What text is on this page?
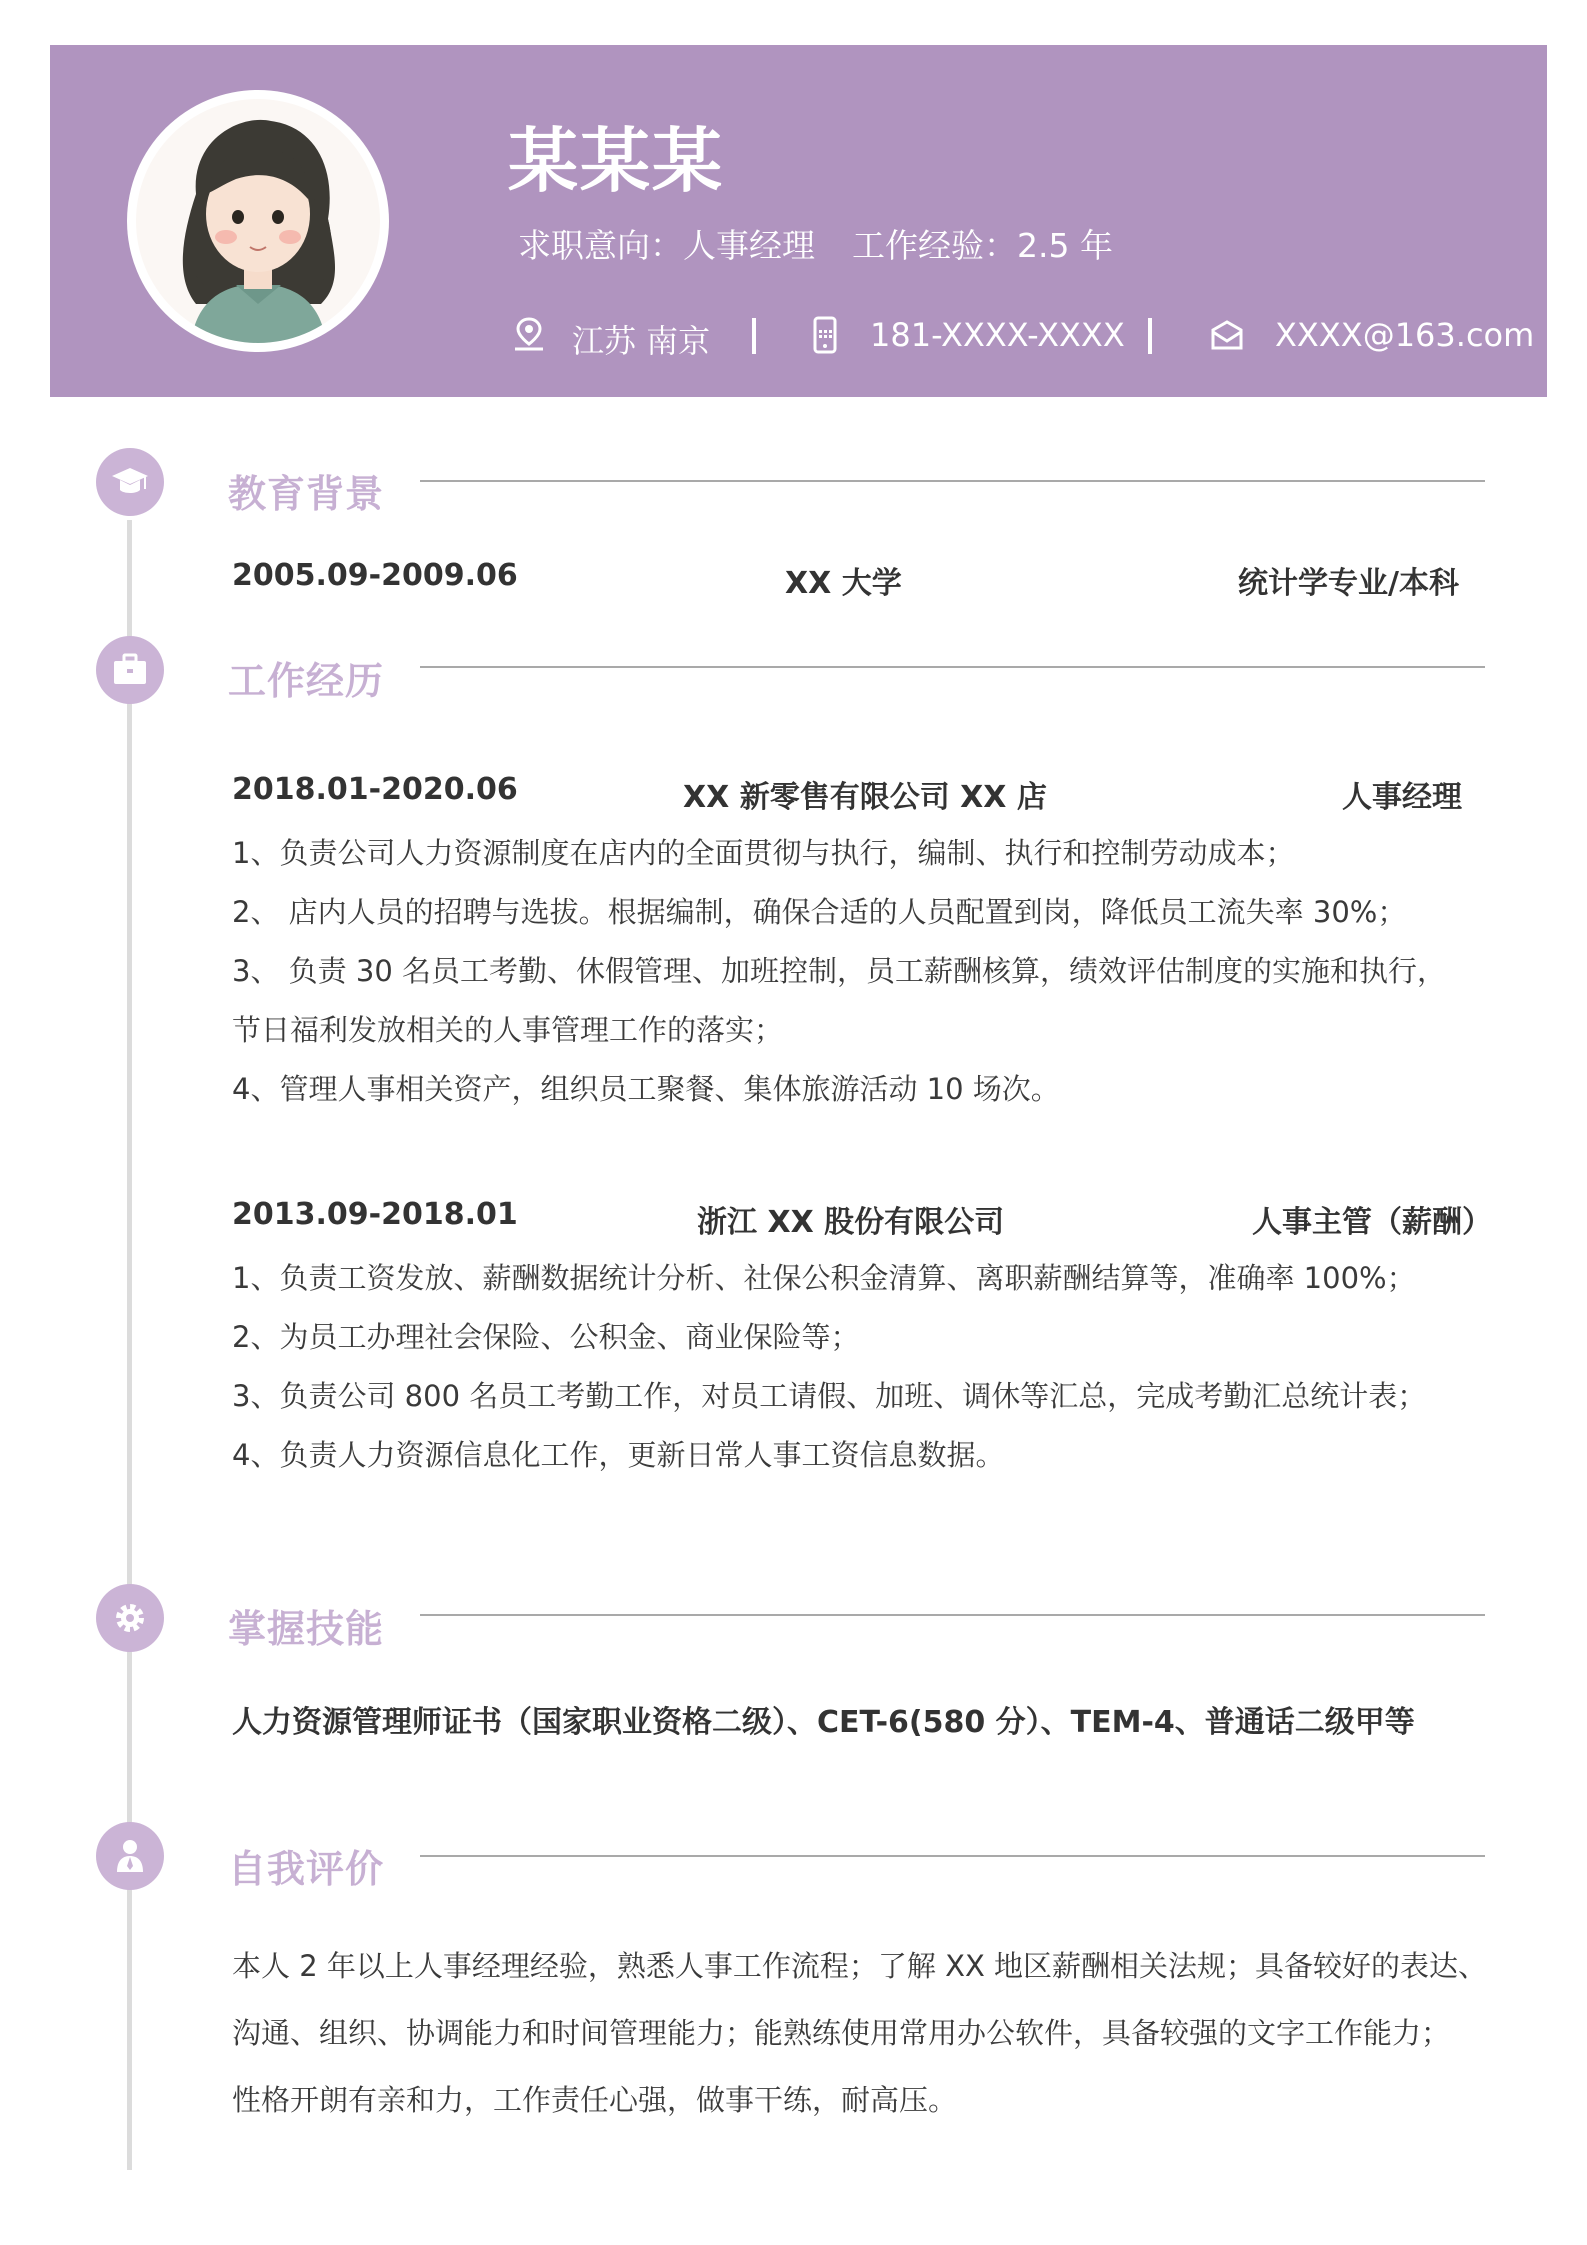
某某某
求职意向：人事经理 工作经验：2.5 年
江苏 南京	181-XXXX-XXXX	XXXX@163.com
教育背景
2005.09-2009.06	XX 大学	统计学专业/本科
工作经历
2018.01-2020.06	XX 新零售有限公司 XX 店	人事经理
1、负责公司人力资源制度在店内的全面贯彻与执行，编制、执行和控制劳动成本；
2、 店内人员的招聘与选拔。根据编制，确保合适的人员配置到岗，降低员工流失率 30%；
3、 负责 30 名员工考勤、休假管理、加班控制，员工薪酬核算，绩效评估制度的实施和执行，
节日福利发放相关的人事管理工作的落实；
4、管理人事相关资产，组织员工聚餐、集体旅游活动 10 场次。
2013.09-2018.01	浙江 XX 股份有限公司	人事主管（薪酬）
1、负责工资发放、薪酬数据统计分析、社保公积金清算、离职薪酬结算等，准确率 100%；
2、为员工办理社会保险、公积金、商业保险等；
3、负责公司 800 名员工考勤工作，对员工请假、加班、调休等汇总，完成考勤汇总统计表；
4、负责人力资源信息化工作，更新日常人事工资信息数据。
掌握技能
人力资源管理师证书（国家职业资格二级）、CET-6(580 分）、TEM-4、普通话二级甲等
自我评价
本人 2 年以上人事经理经验，熟悉人事工作流程；了解 XX 地区薪酬相关法规；具备较好的表达、
沟通、组织、协调能力和时间管理能力；能熟练使用常用办公软件，具备较强的文字工作能力；
性格开朗有亲和力，工作责任心强，做事干练，耐高压。
